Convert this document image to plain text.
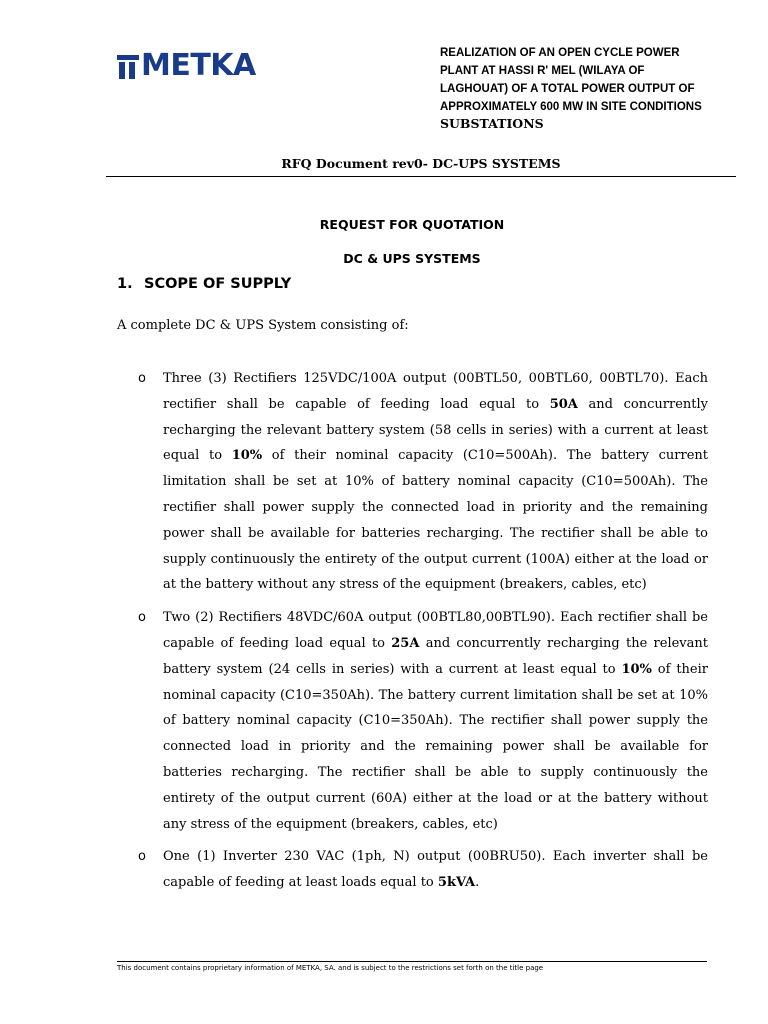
METKA	REALIZATION OF AN OPEN CYCLE POWER
PLANT AT HASSI R' MEL (WILAYA OF
LAGHOUAT) OF A TOTAL POWER OUTPUT OF
APPROXIMATELY 600 MW IN SITE CONDITIONS
SUBSTATIONS
RFQ Document rev0- DC-UPS SYSTEMS
REQUEST FOR QUOTATION
DC & UPS SYSTEMS
1. SCOPE OF SUPPLY
A complete DC & UPS System consisting of:
o Three (3) Rectifiers 125VDC/100A output (00BTL50, 00BTL60, 00BTL70). Each rectifier shall be capable of feeding load equal to 50A and concurrently recharging the relevant battery system (58 cells in series) with a current at least equal to 10% of their nominal capacity (C10=500Ah). The battery current limitation shall be set at 10% of battery nominal capacity (C10=500Ah). The rectifier shall power supply the connected load in priority and the remaining power shall be available for batteries recharging. The rectifier shall be able to supply continuously the entirety of the output current (100A) either at the load or at the battery without any stress of the equipment (breakers, cables, etc)
o Two (2) Rectifiers 48VDC/60A output (00BTL80,00BTL90). Each rectifier shall be capable of feeding load equal to 25A and concurrently recharging the relevant battery system (24 cells in series) with a current at least equal to 10% of their nominal capacity (C10=350Ah). The battery current limitation shall be set at 10% of battery nominal capacity (C10=350Ah). The rectifier shall power supply the connected load in priority and the remaining power shall be available for batteries recharging. The rectifier shall be able to supply continuously the entirety of the output current (60A) either at the load or at the battery without any stress of the equipment (breakers, cables, etc)
o One (1) Inverter 230 VAC (1ph, N) output (00BRU50). Each inverter shall be capable of feeding at least loads equal to 5kVA.
This document contains proprietary information of METKA, SA. and is subject to the restrictions set forth on the title page
